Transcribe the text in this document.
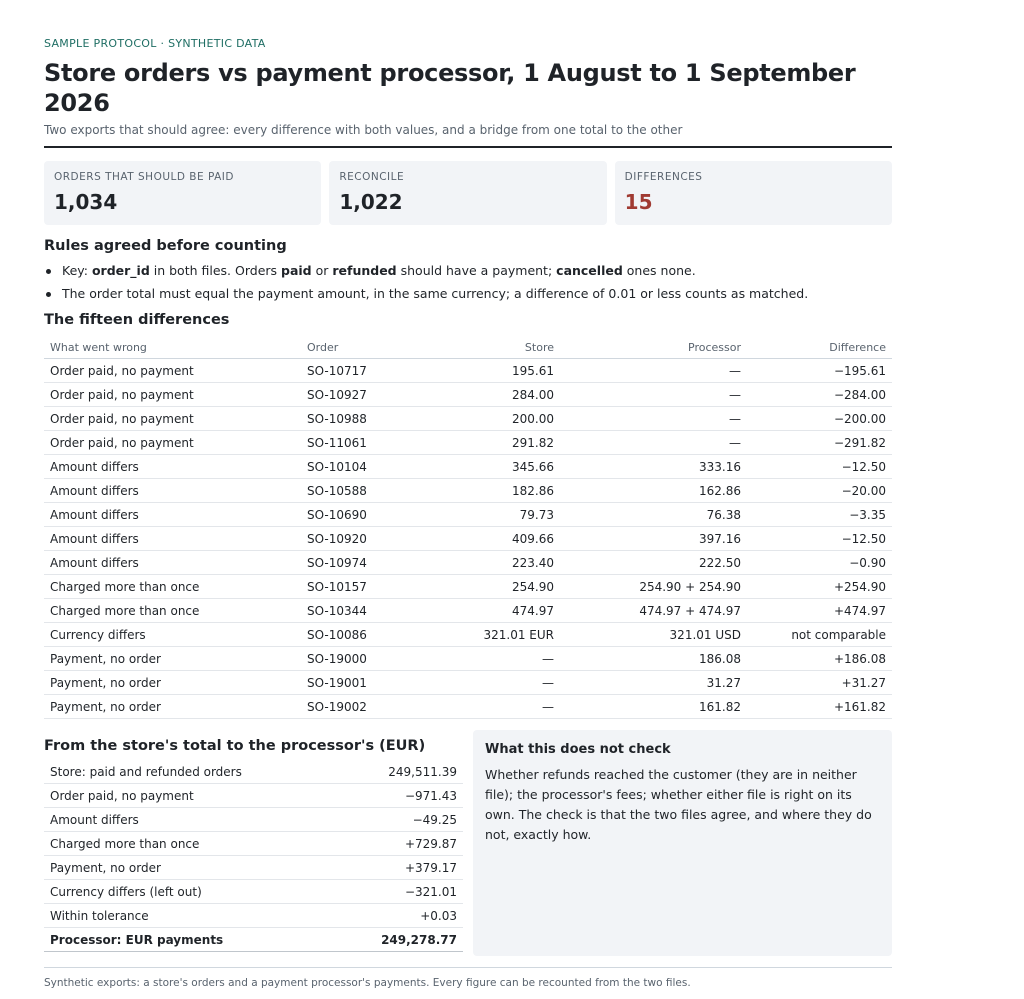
SAMPLE PROTOCOL · SYNTHETIC DATA
Store orders vs payment processor, 1 August to 1 September 2026
Two exports that should agree: every difference with both values, and a bridge from one total to the other
ORDERS THAT SHOULD BE PAID
1,034
RECONCILE
1,022
DIFFERENCES
15
Rules agreed before counting
Key: order_id in both files. Orders paid or refunded should have a payment; cancelled ones none.
The order total must equal the payment amount, in the same currency; a difference of 0.01 or less counts as matched.
The fifteen differences
What went wrong	Order	Store	Processor	Difference
Order paid, no payment	SO-10717	195.61	—	−195.61
Order paid, no payment	SO-10927	284.00	—	−284.00
Order paid, no payment	SO-10988	200.00	—	−200.00
Order paid, no payment	SO-11061	291.82	—	−291.82
Amount differs	SO-10104	345.66	333.16	−12.50
Amount differs	SO-10588	182.86	162.86	−20.00
Amount differs	SO-10690	79.73	76.38	−3.35
Amount differs	SO-10920	409.66	397.16	−12.50
Amount differs	SO-10974	223.40	222.50	−0.90
Charged more than once	SO-10157	254.90	254.90 + 254.90	+254.90
Charged more than once	SO-10344	474.97	474.97 + 474.97	+474.97
Currency differs	SO-10086	321.01 EUR	321.01 USD	not comparable
Payment, no order	SO-19000	—	186.08	+186.08
Payment, no order	SO-19001	—	31.27	+31.27
Payment, no order	SO-19002	—	161.82	+161.82
From the store's total to the processor's (EUR)
Store: paid and refunded orders	249,511.39
Order paid, no payment	−971.43
Amount differs	−49.25
Charged more than once	+729.87
Payment, no order	+379.17
Currency differs (left out)	−321.01
Within tolerance	+0.03
Processor: EUR payments	249,278.77
What this does not check
Whether refunds reached the customer (they are in neither file); the processor's fees; whether either file is right on its own. The check is that the two files agree, and where they do not, exactly how.
Synthetic exports: a store's orders and a payment processor's payments. Every figure can be recounted from the two files.
